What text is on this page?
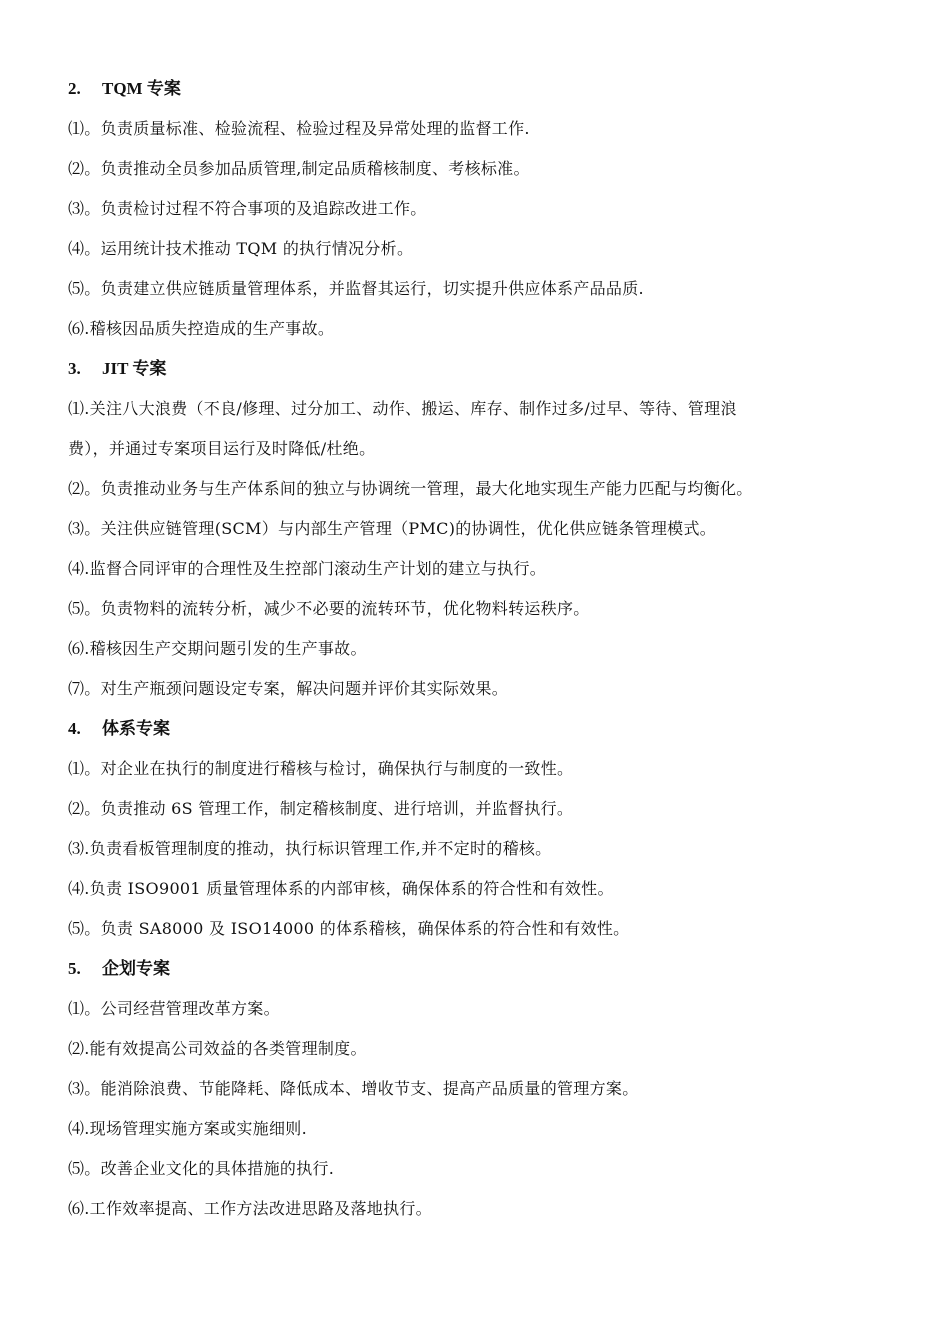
2. TQM 专案

⑴。负责质量标准、检验流程、检验过程及异常处理的监督工作.

⑵。负责推动全员参加品质管理,制定品质稽核制度、考核标准。

⑶。负责检讨过程不符合事项的及追踪改进工作。

⑷。运用统计技术推动 TQM 的执行情况分析。

⑸。负责建立供应链质量管理体系，并监督其运行，切实提升供应体系产品品质.

⑹.稽核因品质失控造成的生产事故。

3. JIT 专案

⑴.关注八大浪费（不良/修理、过分加工、动作、搬运、库存、制作过多/过早、等待、管理浪
费），并通过专案项目运行及时降低/杜绝。

⑵。负责推动业务与生产体系间的独立与协调统一管理，最大化地实现生产能力匹配与均衡化。

⑶。关注供应链管理(SCM）与内部生产管理（PMC)的协调性，优化供应链条管理模式。

⑷.监督合同评审的合理性及生控部门滚动生产计划的建立与执行。

⑸。负责物料的流转分析，减少不必要的流转环节，优化物料转运秩序。

⑹.稽核因生产交期问题引发的生产事故。

⑺。对生产瓶颈问题设定专案，解决问题并评价其实际效果。

4. 体系专案

⑴。对企业在执行的制度进行稽核与检讨，确保执行与制度的一致性。

⑵。负责推动 6S 管理工作，制定稽核制度、进行培训，并监督执行。

⑶.负责看板管理制度的推动，执行标识管理工作,并不定时的稽核。

⑷.负责 ISO9001 质量管理体系的内部审核，确保体系的符合性和有效性。

⑸。负责 SA8000 及 ISO14000 的体系稽核，确保体系的符合性和有效性。

5. 企划专案

⑴。公司经营管理改革方案。

⑵.能有效提高公司效益的各类管理制度。

⑶。能消除浪费、节能降耗、降低成本、增收节支、提高产品质量的管理方案。

⑷.现场管理实施方案或实施细则.

⑸。改善企业文化的具体措施的执行.

⑹.工作效率提高、工作方法改进思路及落地执行。
